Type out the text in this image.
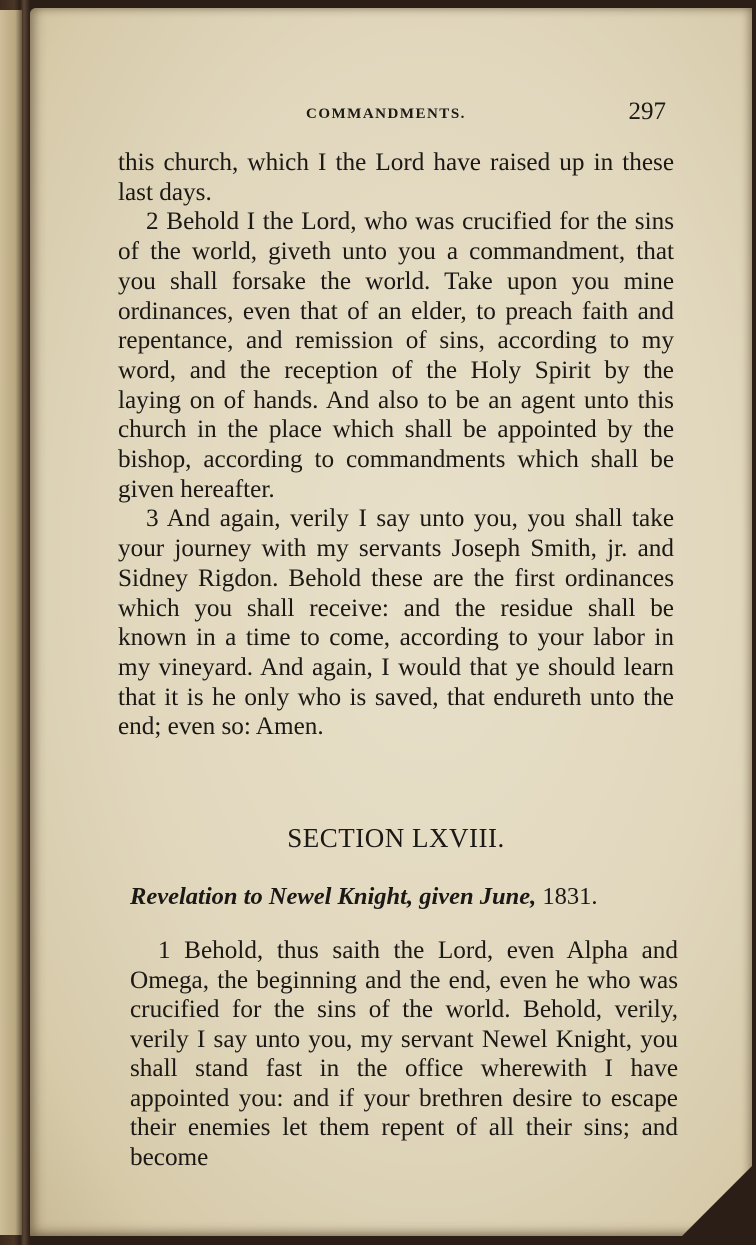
COMMANDMENTS.	297

this church, which I the Lord have raised up in these last days.

2 Behold I the Lord, who was crucified for the sins of the world, giveth unto you a commandment, that you shall forsake the world. Take upon you mine ordinances, even that of an elder, to preach faith and repentance, and remission of sins, according to my word, and the reception of the Holy Spirit by the laying on of hands. And also to be an agent unto this church in the place which shall be appointed by the bishop, according to commandments which shall be given hereafter.

3 And again, verily I say unto you, you shall take your journey with my servants Joseph Smith, jr. and Sidney Rigdon. Behold these are the first ordinances which you shall receive: and the residue shall be known in a time to come, according to your labor in my vineyard. And again, I would that ye should learn that it is he only who is saved, that endureth unto the end; even so: Amen.

SECTION LXVIII.
Revelation to Newel Knight, given June, 1831.

1 Behold, thus saith the Lord, even Alpha and Omega, the beginning and the end, even he who was crucified for the sins of the world. Behold, verily, verily I say unto you, my servant Newel Knight, you shall stand fast in the office wherewith I have appointed you: and if your brethren desire to escape their enemies let them repent of all their sins; and become
